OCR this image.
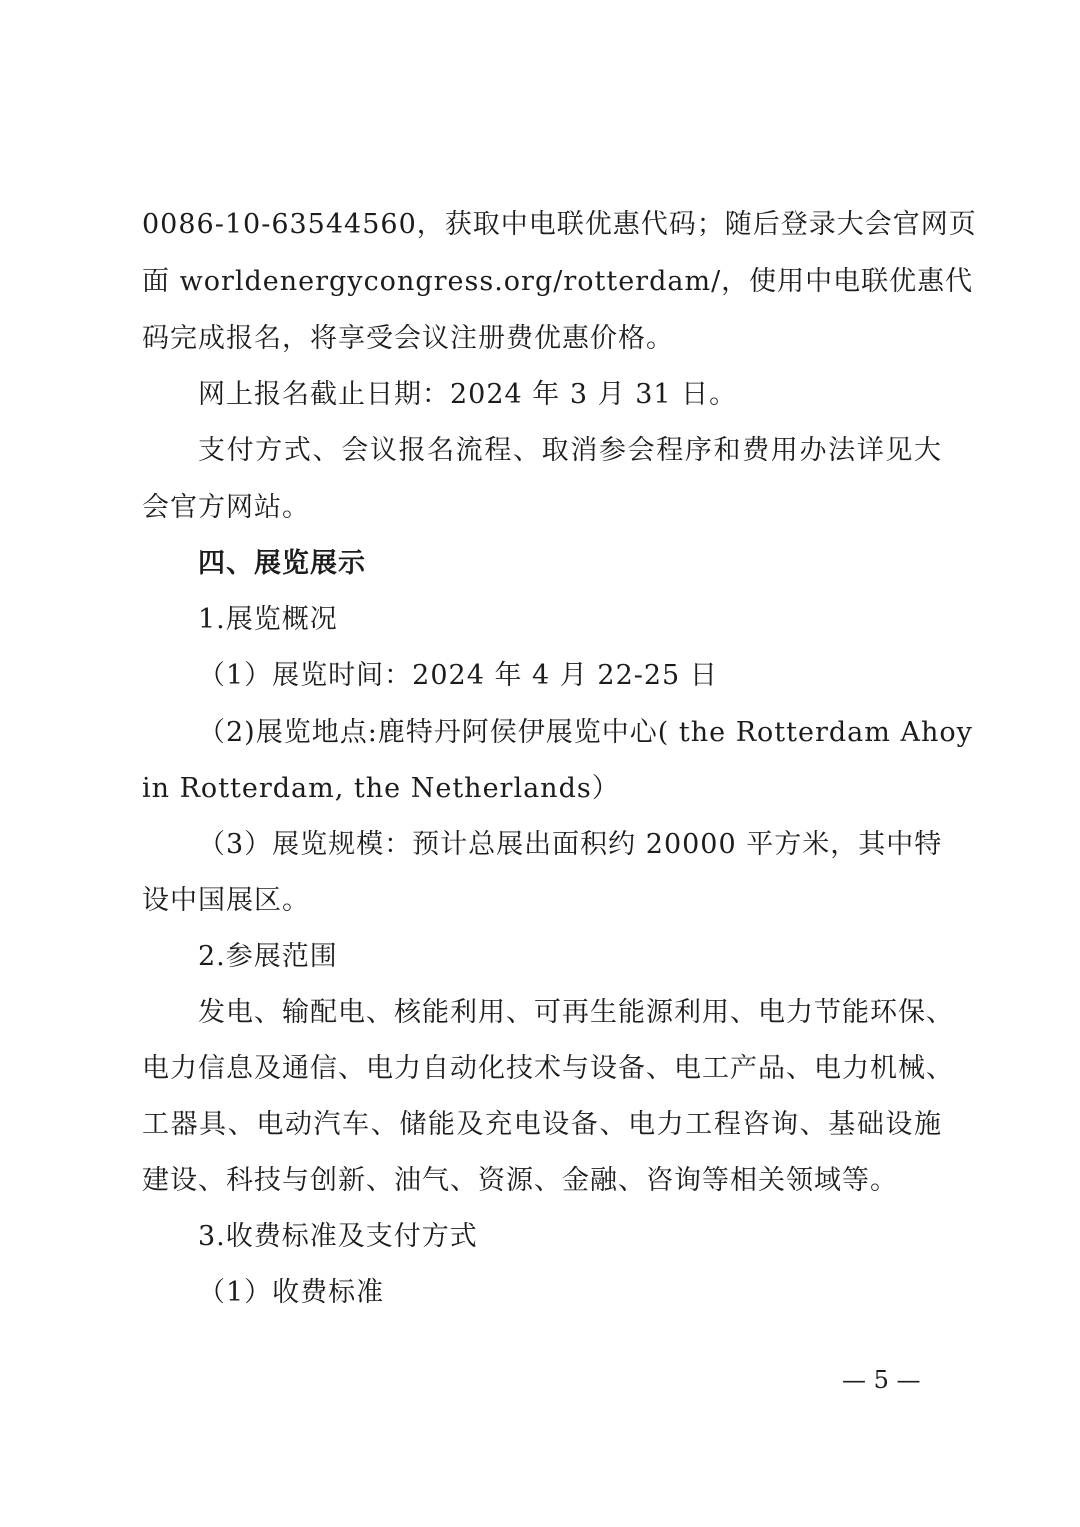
0086-10-63544560，获取中电联优惠代码；随后登录大会官网页
面 worldenergycongress.org/rotterdam/，使用中电联优惠代
码完成报名，将享受会议注册费优惠价格。
网上报名截止日期：2024 年 3 月 31 日。
支付方式、会议报名流程、取消参会程序和费用办法详见大
会官方网站。
四、展览展示
1.展览概况
（1）展览时间：2024 年 4 月 22-25 日
（2)展览地点:鹿特丹阿侯伊展览中心( the Rotterdam Ahoy
in Rotterdam, the Netherlands）
（3）展览规模：预计总展出面积约 20000 平方米，其中特
设中国展区。
2.参展范围
发电、输配电、核能利用、可再生能源利用、电力节能环保、
电力信息及通信、电力自动化技术与设备、电工产品、电力机械、
工器具、电动汽车、储能及充电设备、电力工程咨询、基础设施
建设、科技与创新、油气、资源、金融、咨询等相关领域等。
3.收费标准及支付方式
（1）收费标准
— 5 —
